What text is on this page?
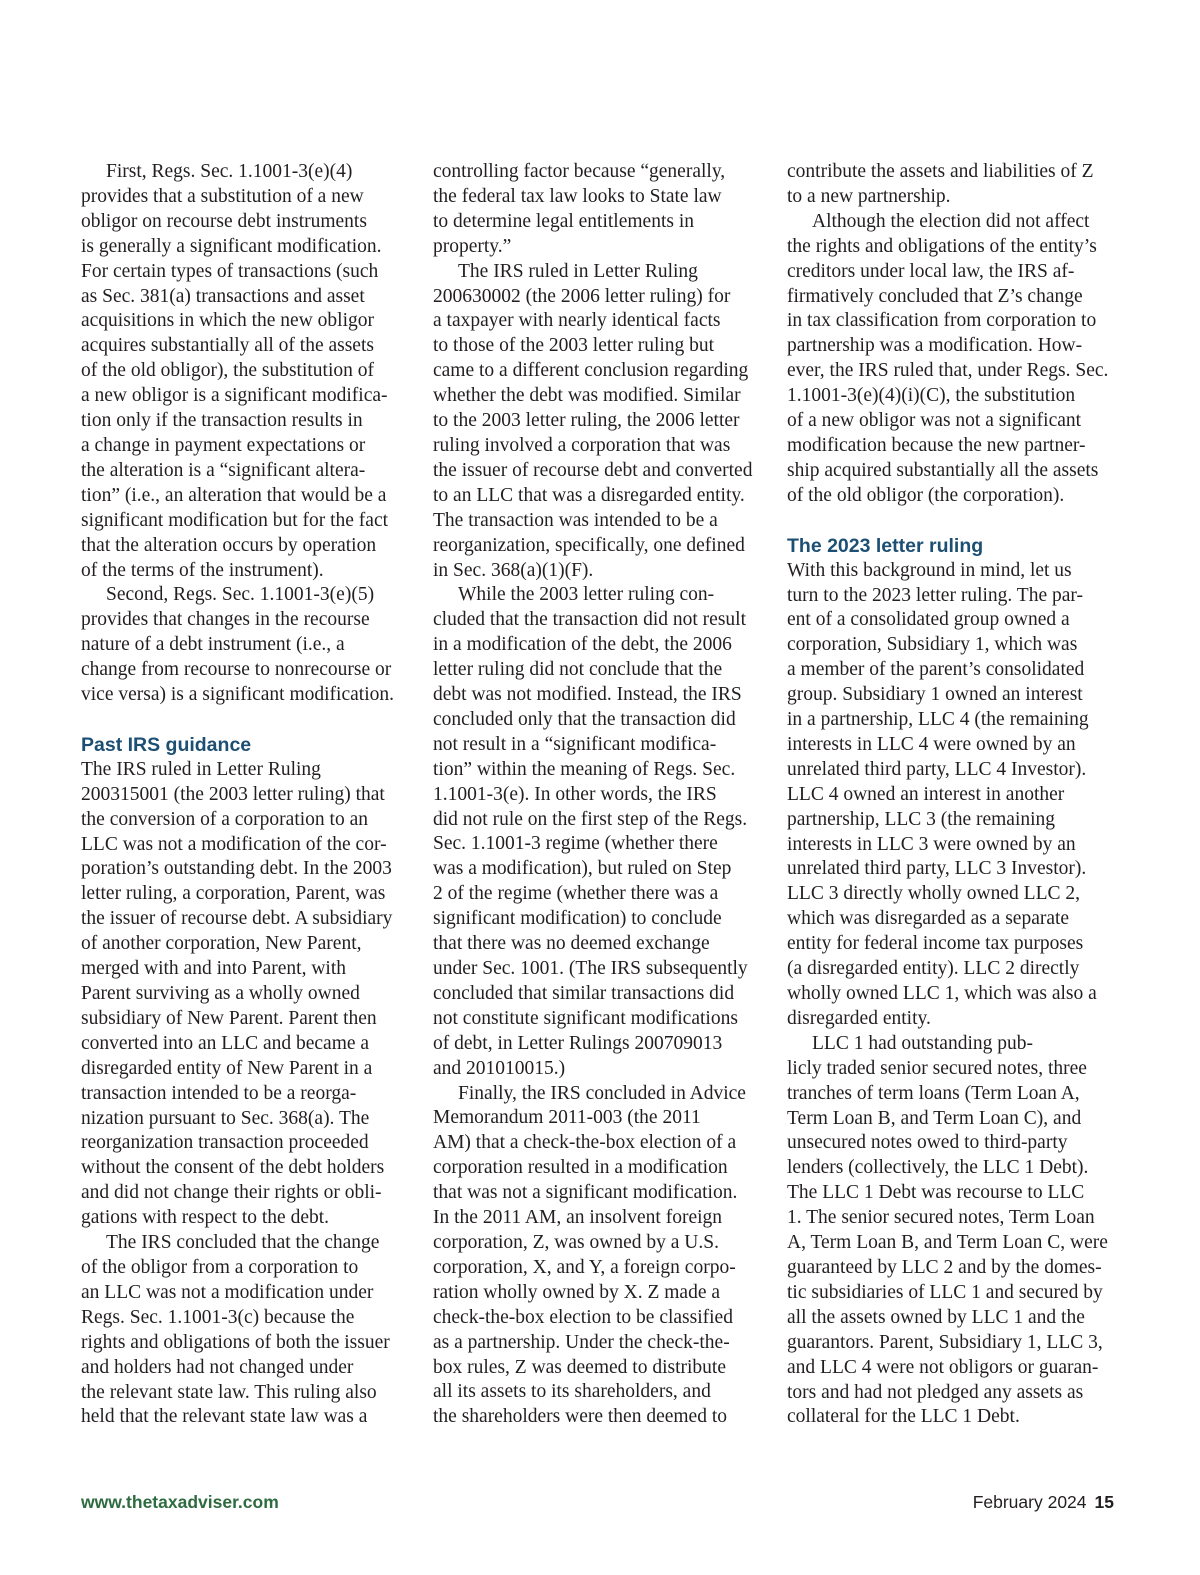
First, Regs. Sec. 1.1001-3(e)(4)
provides that a substitution of a new
obligor on recourse debt instruments
is generally a significant modification.
For certain types of transactions (such
as Sec. 381(a) transactions and asset
acquisitions in which the new obligor
acquires substantially all of the assets
of the old obligor), the substitution of
a new obligor is a significant modifica-
tion only if the transaction results in
a change in payment expectations or
the alteration is a “significant altera-
tion” (i.e., an alteration that would be a
significant modification but for the fact
that the alteration occurs by operation
of the terms of the instrument).
Second, Regs. Sec. 1.1001-3(e)(5)
provides that changes in the recourse
nature of a debt instrument (i.e., a
change from recourse to nonrecourse or
vice versa) is a significant modification.
Past IRS guidance
The IRS ruled in Letter Ruling
200315001 (the 2003 letter ruling) that
the conversion of a corporation to an
LLC was not a modification of the cor-
poration’s outstanding debt. In the 2003
letter ruling, a corporation, Parent, was
the issuer of recourse debt. A subsidiary
of another corporation, New Parent,
merged with and into Parent, with
Parent surviving as a wholly owned
subsidiary of New Parent. Parent then
converted into an LLC and became a
disregarded entity of New Parent in a
transaction intended to be a reorga-
nization pursuant to Sec. 368(a). The
reorganization transaction proceeded
without the consent of the debt holders
and did not change their rights or obli-
gations with respect to the debt.
The IRS concluded that the change
of the obligor from a corporation to
an LLC was not a modification under
Regs. Sec. 1.1001-3(c) because the
rights and obligations of both the issuer
and holders had not changed under
the relevant state law. This ruling also
held that the relevant state law was a
controlling factor because “generally,
the federal tax law looks to State law
to determine legal entitlements in
property.”
The IRS ruled in Letter Ruling
200630002 (the 2006 letter ruling) for
a taxpayer with nearly identical facts
to those of the 2003 letter ruling but
came to a different conclusion regarding
whether the debt was modified. Similar
to the 2003 letter ruling, the 2006 letter
ruling involved a corporation that was
the issuer of recourse debt and converted
to an LLC that was a disregarded entity.
The transaction was intended to be a
reorganization, specifically, one defined
in Sec. 368(a)(1)(F).
While the 2003 letter ruling con-
cluded that the transaction did not result
in a modification of the debt, the 2006
letter ruling did not conclude that the
debt was not modified. Instead, the IRS
concluded only that the transaction did
not result in a “significant modifica-
tion” within the meaning of Regs. Sec.
1.1001-3(e). In other words, the IRS
did not rule on the first step of the Regs.
Sec. 1.1001-3 regime (whether there
was a modification), but ruled on Step
2 of the regime (whether there was a
significant modification) to conclude
that there was no deemed exchange
under Sec. 1001. (The IRS subsequently
concluded that similar transactions did
not constitute significant modifications
of debt, in Letter Rulings 200709013
and 201010015.)
Finally, the IRS concluded in Advice
Memorandum 2011-003 (the 2011
AM) that a check-the-box election of a
corporation resulted in a modification
that was not a significant modification.
In the 2011 AM, an insolvent foreign
corporation, Z, was owned by a U.S.
corporation, X, and Y, a foreign corpo-
ration wholly owned by X. Z made a
check-the-box election to be classified
as a partnership. Under the check-the-
box rules, Z was deemed to distribute
all its assets to its shareholders, and
the shareholders were then deemed to
contribute the assets and liabilities of Z
to a new partnership.
Although the election did not affect
the rights and obligations of the entity’s
creditors under local law, the IRS af-
firmatively concluded that Z’s change
in tax classification from corporation to
partnership was a modification. How-
ever, the IRS ruled that, under Regs. Sec.
1.1001-3(e)(4)(i)(C), the substitution
of a new obligor was not a significant
modification because the new partner-
ship acquired substantially all the assets
of the old obligor (the corporation).
The 2023 letter ruling
With this background in mind, let us
turn to the 2023 letter ruling. The par-
ent of a consolidated group owned a
corporation, Subsidiary 1, which was
a member of the parent’s consolidated
group. Subsidiary 1 owned an interest
in a partnership, LLC 4 (the remaining
interests in LLC 4 were owned by an
unrelated third party, LLC 4 Investor).
LLC 4 owned an interest in another
partnership, LLC 3 (the remaining
interests in LLC 3 were owned by an
unrelated third party, LLC 3 Investor).
LLC 3 directly wholly owned LLC 2,
which was disregarded as a separate
entity for federal income tax purposes
(a disregarded entity). LLC 2 directly
wholly owned LLC 1, which was also a
disregarded entity.
LLC 1 had outstanding pub-
licly traded senior secured notes, three
tranches of term loans (Term Loan A,
Term Loan B, and Term Loan C), and
unsecured notes owed to third-party
lenders (collectively, the LLC 1 Debt).
The LLC 1 Debt was recourse to LLC
1. The senior secured notes, Term Loan
A, Term Loan B, and Term Loan C, were
guaranteed by LLC 2 and by the domes-
tic subsidiaries of LLC 1 and secured by
all the assets owned by LLC 1 and the
guarantors. Parent, Subsidiary 1, LLC 3,
and LLC 4 were not obligors or guaran-
tors and had not pledged any assets as
collateral for the LLC 1 Debt.
www.thetaxadviser.com	February 2024 15
